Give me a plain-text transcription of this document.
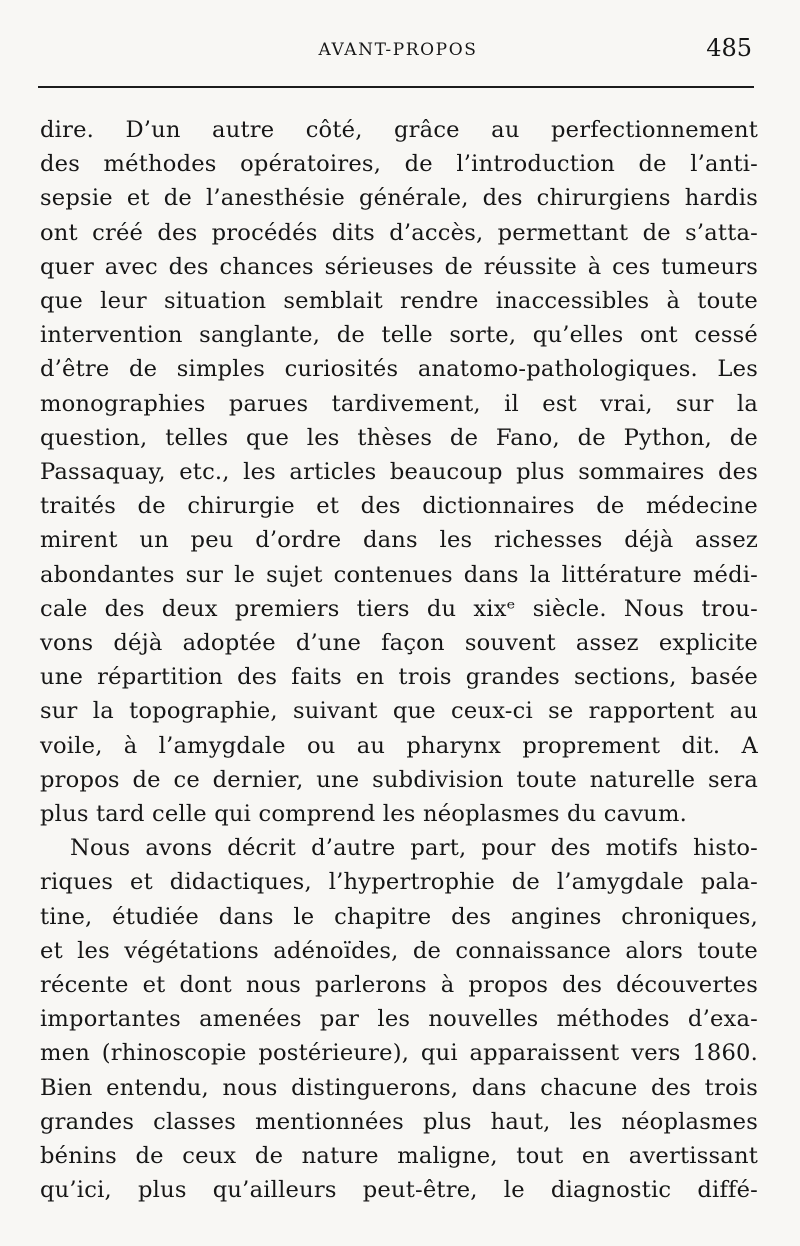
AVANT-PROPOS	485
dire. D’un autre côté, grâce au perfectionnement
des méthodes opératoires, de l’introduction de l’anti-
sepsie et de l’anesthésie générale, des chirurgiens hardis
ont créé des procédés dits d’accès, permettant de s’atta-
quer avec des chances sérieuses de réussite à ces tumeurs
que leur situation semblait rendre inaccessibles à toute
intervention sanglante, de telle sorte, qu’elles ont cessé
d’être de simples curiosités anatomo-pathologiques. Les
monographies parues tardivement, il est vrai, sur la
question, telles que les thèses de Fano, de Python, de
Passaquay, etc., les articles beaucoup plus sommaires des
traités de chirurgie et des dictionnaires de médecine
mirent un peu d’ordre dans les richesses déjà assez
abondantes sur le sujet contenues dans la littérature médi-
cale des deux premiers tiers du xixᵉ siècle. Nous trou-
vons déjà adoptée d’une façon souvent assez explicite
une répartition des faits en trois grandes sections, basée
sur la topographie, suivant que ceux-ci se rapportent au
voile, à l’amygdale ou au pharynx proprement dit. A
propos de ce dernier, une subdivision toute naturelle sera
plus tard celle qui comprend les néoplasmes du cavum.
Nous avons décrit d’autre part, pour des motifs histo-
riques et didactiques, l’hypertrophie de l’amygdale pala-
tine, étudiée dans le chapitre des angines chroniques,
et les végétations adénoïdes, de connaissance alors toute
récente et dont nous parlerons à propos des découvertes
importantes amenées par les nouvelles méthodes d’exa-
men (rhinoscopie postérieure), qui apparaissent vers 1860.
Bien entendu, nous distinguerons, dans chacune des trois
grandes classes mentionnées plus haut, les néoplasmes
bénins de ceux de nature maligne, tout en avertissant
qu’ici, plus qu’ailleurs peut-être, le diagnostic diffé-
